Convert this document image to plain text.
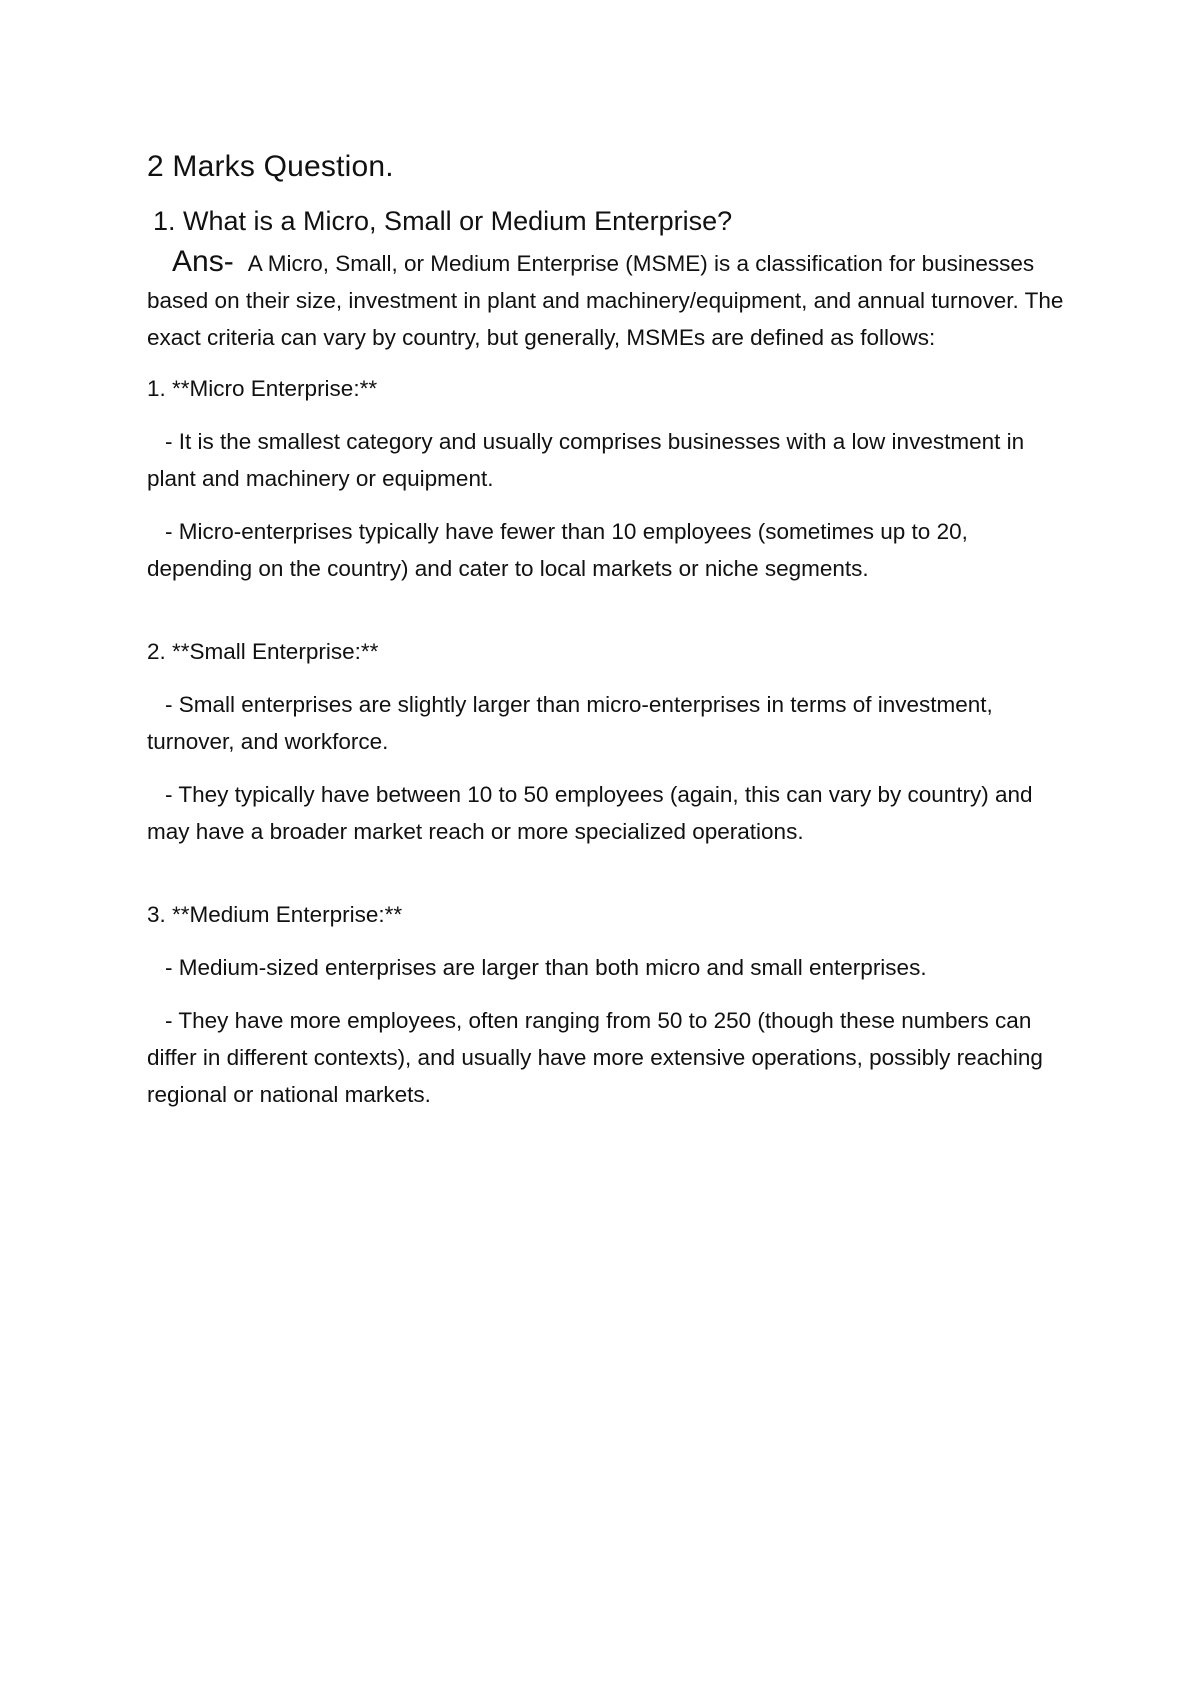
2 Marks Question.
1. What is a Micro, Small or Medium Enterprise?
Ans- A Micro, Small, or Medium Enterprise (MSME) is a classification for businesses based on their size, investment in plant and machinery/equipment, and annual turnover. The exact criteria can vary by country, but generally, MSMEs are defined as follows:
1. **Micro Enterprise:**
- It is the smallest category and usually comprises businesses with a low investment in plant and machinery or equipment.
- Micro-enterprises typically have fewer than 10 employees (sometimes up to 20, depending on the country) and cater to local markets or niche segments.
2. **Small Enterprise:**
- Small enterprises are slightly larger than micro-enterprises in terms of investment, turnover, and workforce.
- They typically have between 10 to 50 employees (again, this can vary by country) and may have a broader market reach or more specialized operations.
3. **Medium Enterprise:**
- Medium-sized enterprises are larger than both micro and small enterprises.
- They have more employees, often ranging from 50 to 250 (though these numbers can differ in different contexts), and usually have more extensive operations, possibly reaching regional or national markets.
